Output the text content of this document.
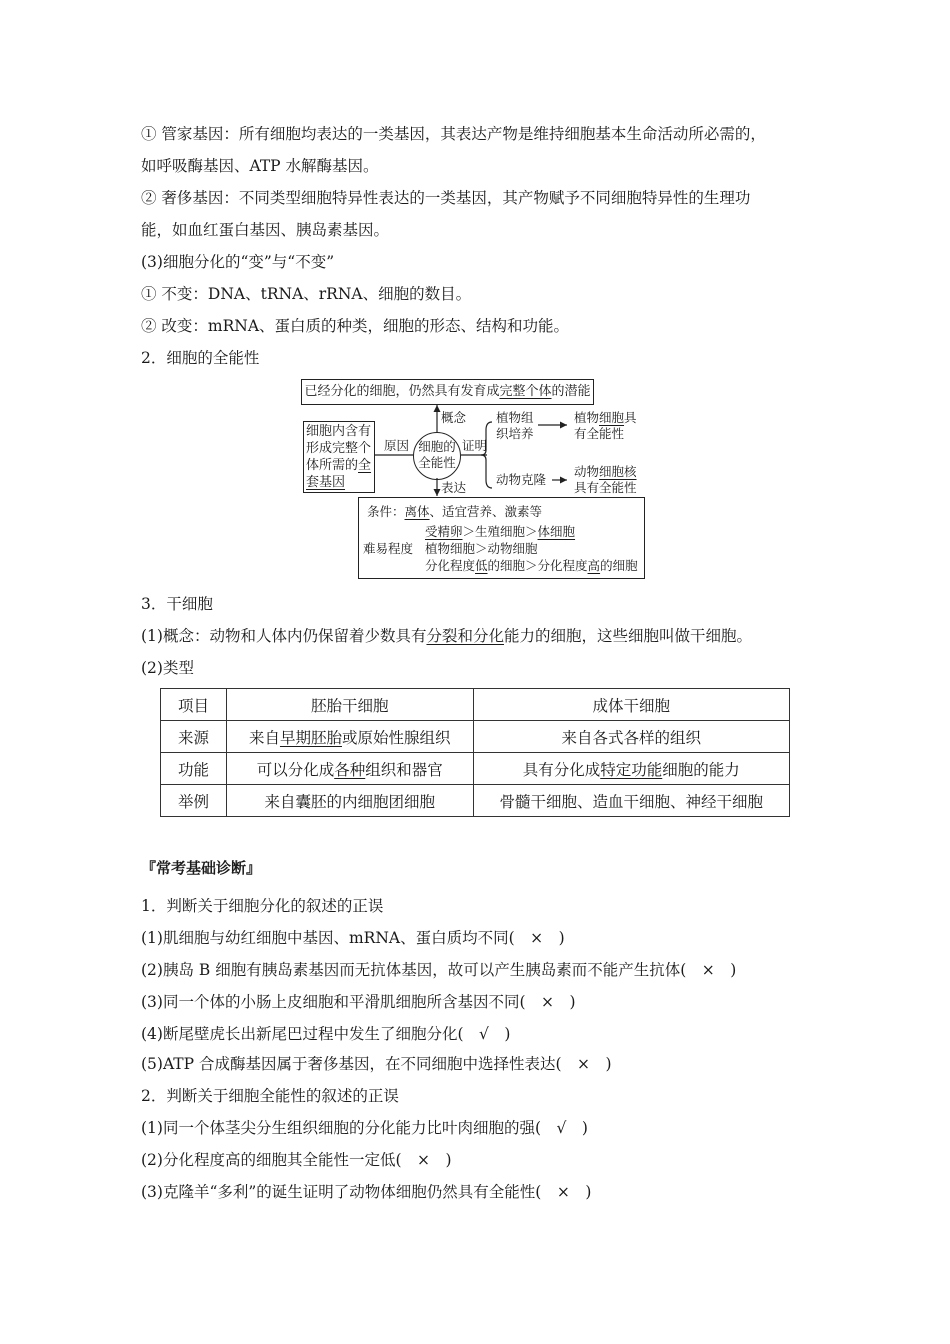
① 管家基因：所有细胞均表达的一类基因，其表达产物是维持细胞基本生命活动所必需的，
如呼吸酶基因、ATP 水解酶基因。
② 奢侈基因：不同类型细胞特异性表达的一类基因，其产物赋予不同细胞特异性的生理功
能，如血红蛋白基因、胰岛素基因。
(3)细胞分化的“变”与“不变”
① 不变：DNA、tRNA、rRNA、细胞的数目。
② 改变：mRNA、蛋白质的种类，细胞的形态、结构和功能。
2．细胞的全能性
已经分化的细胞，仍然具有发育成完整个体的潜能
概念
细胞的
全能性
原因
细胞内含有
形成完整个
体所需的全
套基因
证明
植物组
织培养
植物细胞具
有全能性
动物克隆
动物细胞核
具有全能性
表达
条件：离体、适宜营养、激素等
难易程度
受精卵＞生殖细胞＞体细胞
植物细胞＞动物细胞
分化程度低的细胞＞分化程度高的细胞
3．干细胞
(1)概念：动物和人体内仍保留着少数具有分裂和分化能力的细胞，这些细胞叫做干细胞。
(2)类型
项目	胚胎干细胞	成体干细胞
来源	来自早期胚胎或原始性腺组织	来自各式各样的组织
功能	可以分化成各种组织和器官	具有分化成特定功能细胞的能力
举例	来自囊胚的内细胞团细胞	骨髓干细胞、造血干细胞、神经干细胞
『常考基础诊断』
1．判断关于细胞分化的叙述的正误
(1)肌细胞与幼红细胞中基因、mRNA、蛋白质均不同(　×　)
(2)胰岛 B 细胞有胰岛素基因而无抗体基因，故可以产生胰岛素而不能产生抗体(　×　)
(3)同一个体的小肠上皮细胞和平滑肌细胞所含基因不同(　×　)
(4)断尾壁虎长出新尾巴过程中发生了细胞分化(　√　)
(5)ATP 合成酶基因属于奢侈基因，在不同细胞中选择性表达(　×　)
2．判断关于细胞全能性的叙述的正误
(1)同一个体茎尖分生组织细胞的分化能力比叶肉细胞的强(　√　)
(2)分化程度高的细胞其全能性一定低(　×　)
(3)克隆羊“多利”的诞生证明了动物体细胞仍然具有全能性(　×　)
